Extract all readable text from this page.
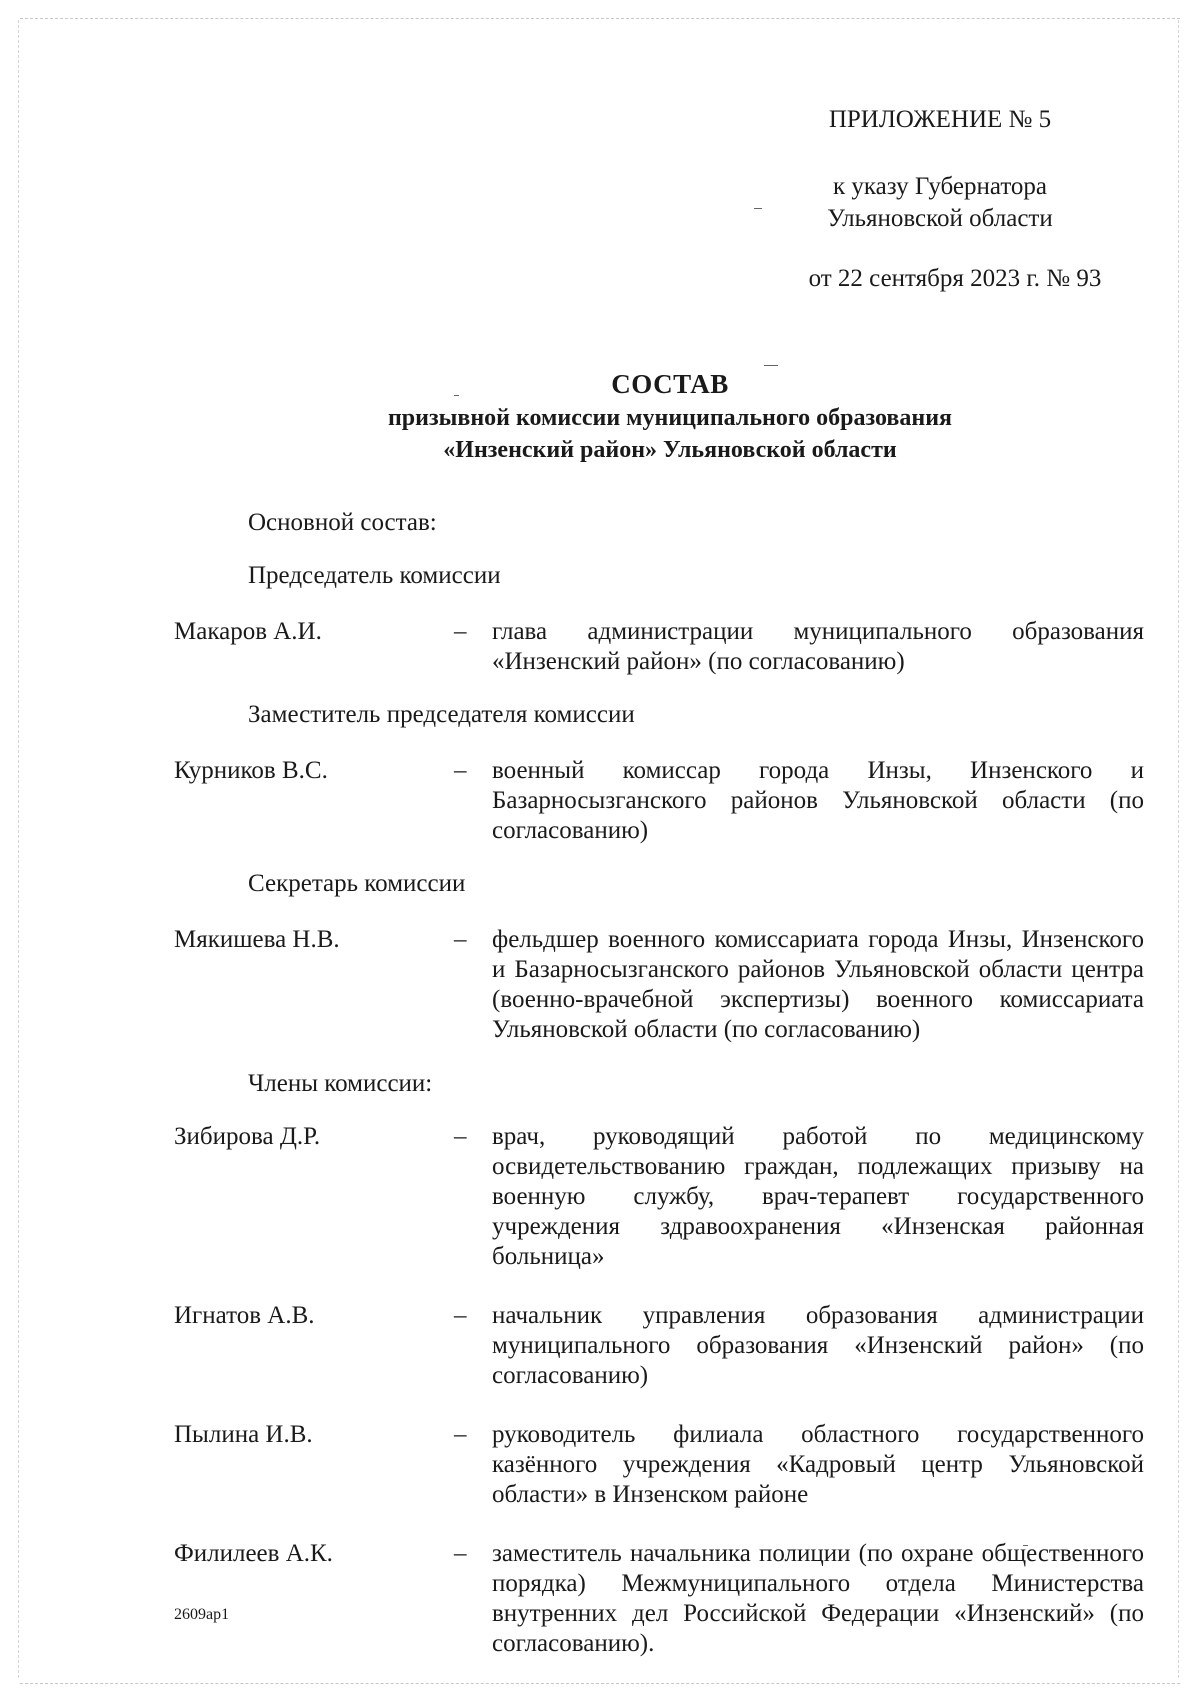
ПРИЛОЖЕНИЕ № 5
к указу Губернатора
Ульяновской области
от 22 сентября 2023 г. № 93
СОСТАВ
призывной комиссии муниципального образования
«Инзенский район» Ульяновской области
Основной состав:
Председатель комиссии
Макаров А.И.	–	глава администрации муниципального образования «Инзенский район» (по согласованию)
Заместитель председателя комиссии
Курников В.С.	–	военный комиссар города Инзы, Инзенского и Базарносызганского районов Ульяновской области (по согласованию)
Секретарь комиссии
Мякишева Н.В.	–	фельдшер военного комиссариата города Инзы, Инзенского и Базарносызганского районов Ульяновской области центра (военно-врачебной экспертизы) военного комиссариата Ульяновской области (по согласованию)
Члены комиссии:
Зибирова Д.Р.	–	врач, руководящий работой по медицинскому освидетельствованию граждан, подлежащих призыву на военную службу, врач-терапевт государственного учреждения здравоохранения «Инзенская районная больница»
Игнатов А.В.	–	начальник управления образования администрации муниципального образования «Инзенский район» (по согласованию)
Пылина И.В.	–	руководитель филиала областного государственного казённого учреждения «Кадровый центр Ульяновской области» в Инзенском районе
Филилеев А.К.	–	заместитель начальника полиции (по охране общественного порядка) Межмуниципального отдела Министерства внутренних дел Российской Федерации «Инзенский» (по согласованию).
2609ар1
